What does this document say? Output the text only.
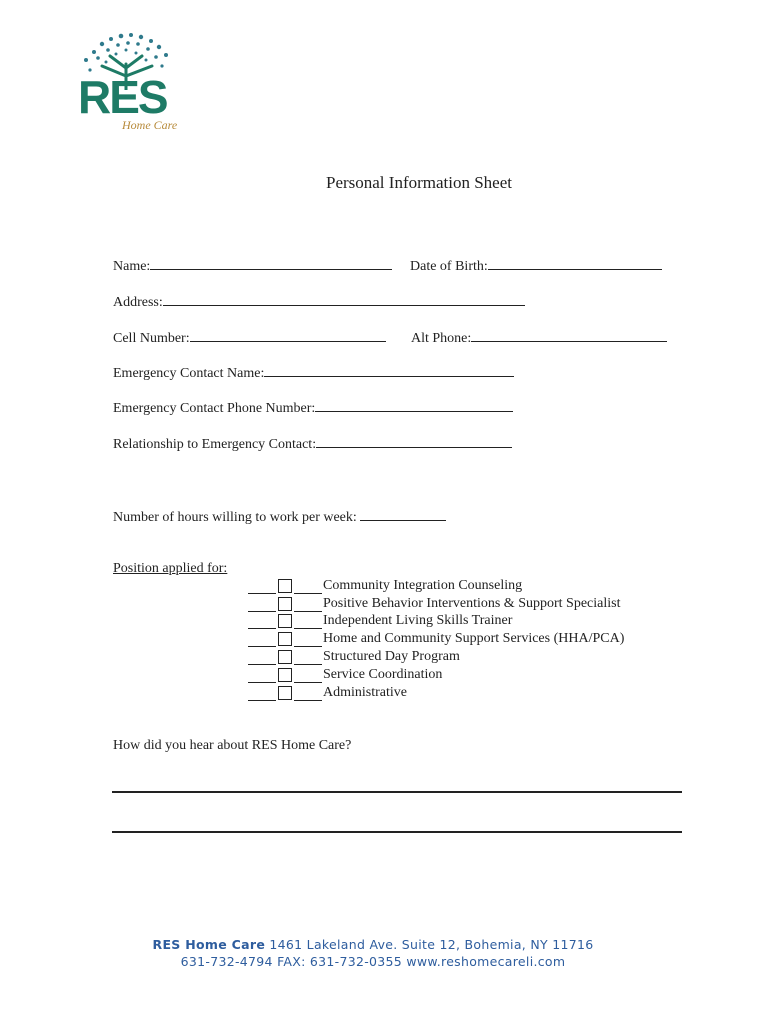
RES
Home Care
Personal Information Sheet
Name:	Date of Birth:
Address:
Cell Number:	Alt Phone:
Emergency Contact Name:
Emergency Contact Phone Number:
Relationship to Emergency Contact:
Number of hours willing to work per week:
Position applied for:
Community Integration Counseling
Positive Behavior Interventions & Support Specialist
Independent Living Skills Trainer
Home and Community Support Services (HHA/PCA)
Structured Day Program
Service Coordination
Administrative
How did you hear about RES Home Care?
RES Home Care 1461 Lakeland Ave. Suite 12, Bohemia, NY 11716
631-732-4794 FAX: 631-732-0355 www.reshomecareli.com
